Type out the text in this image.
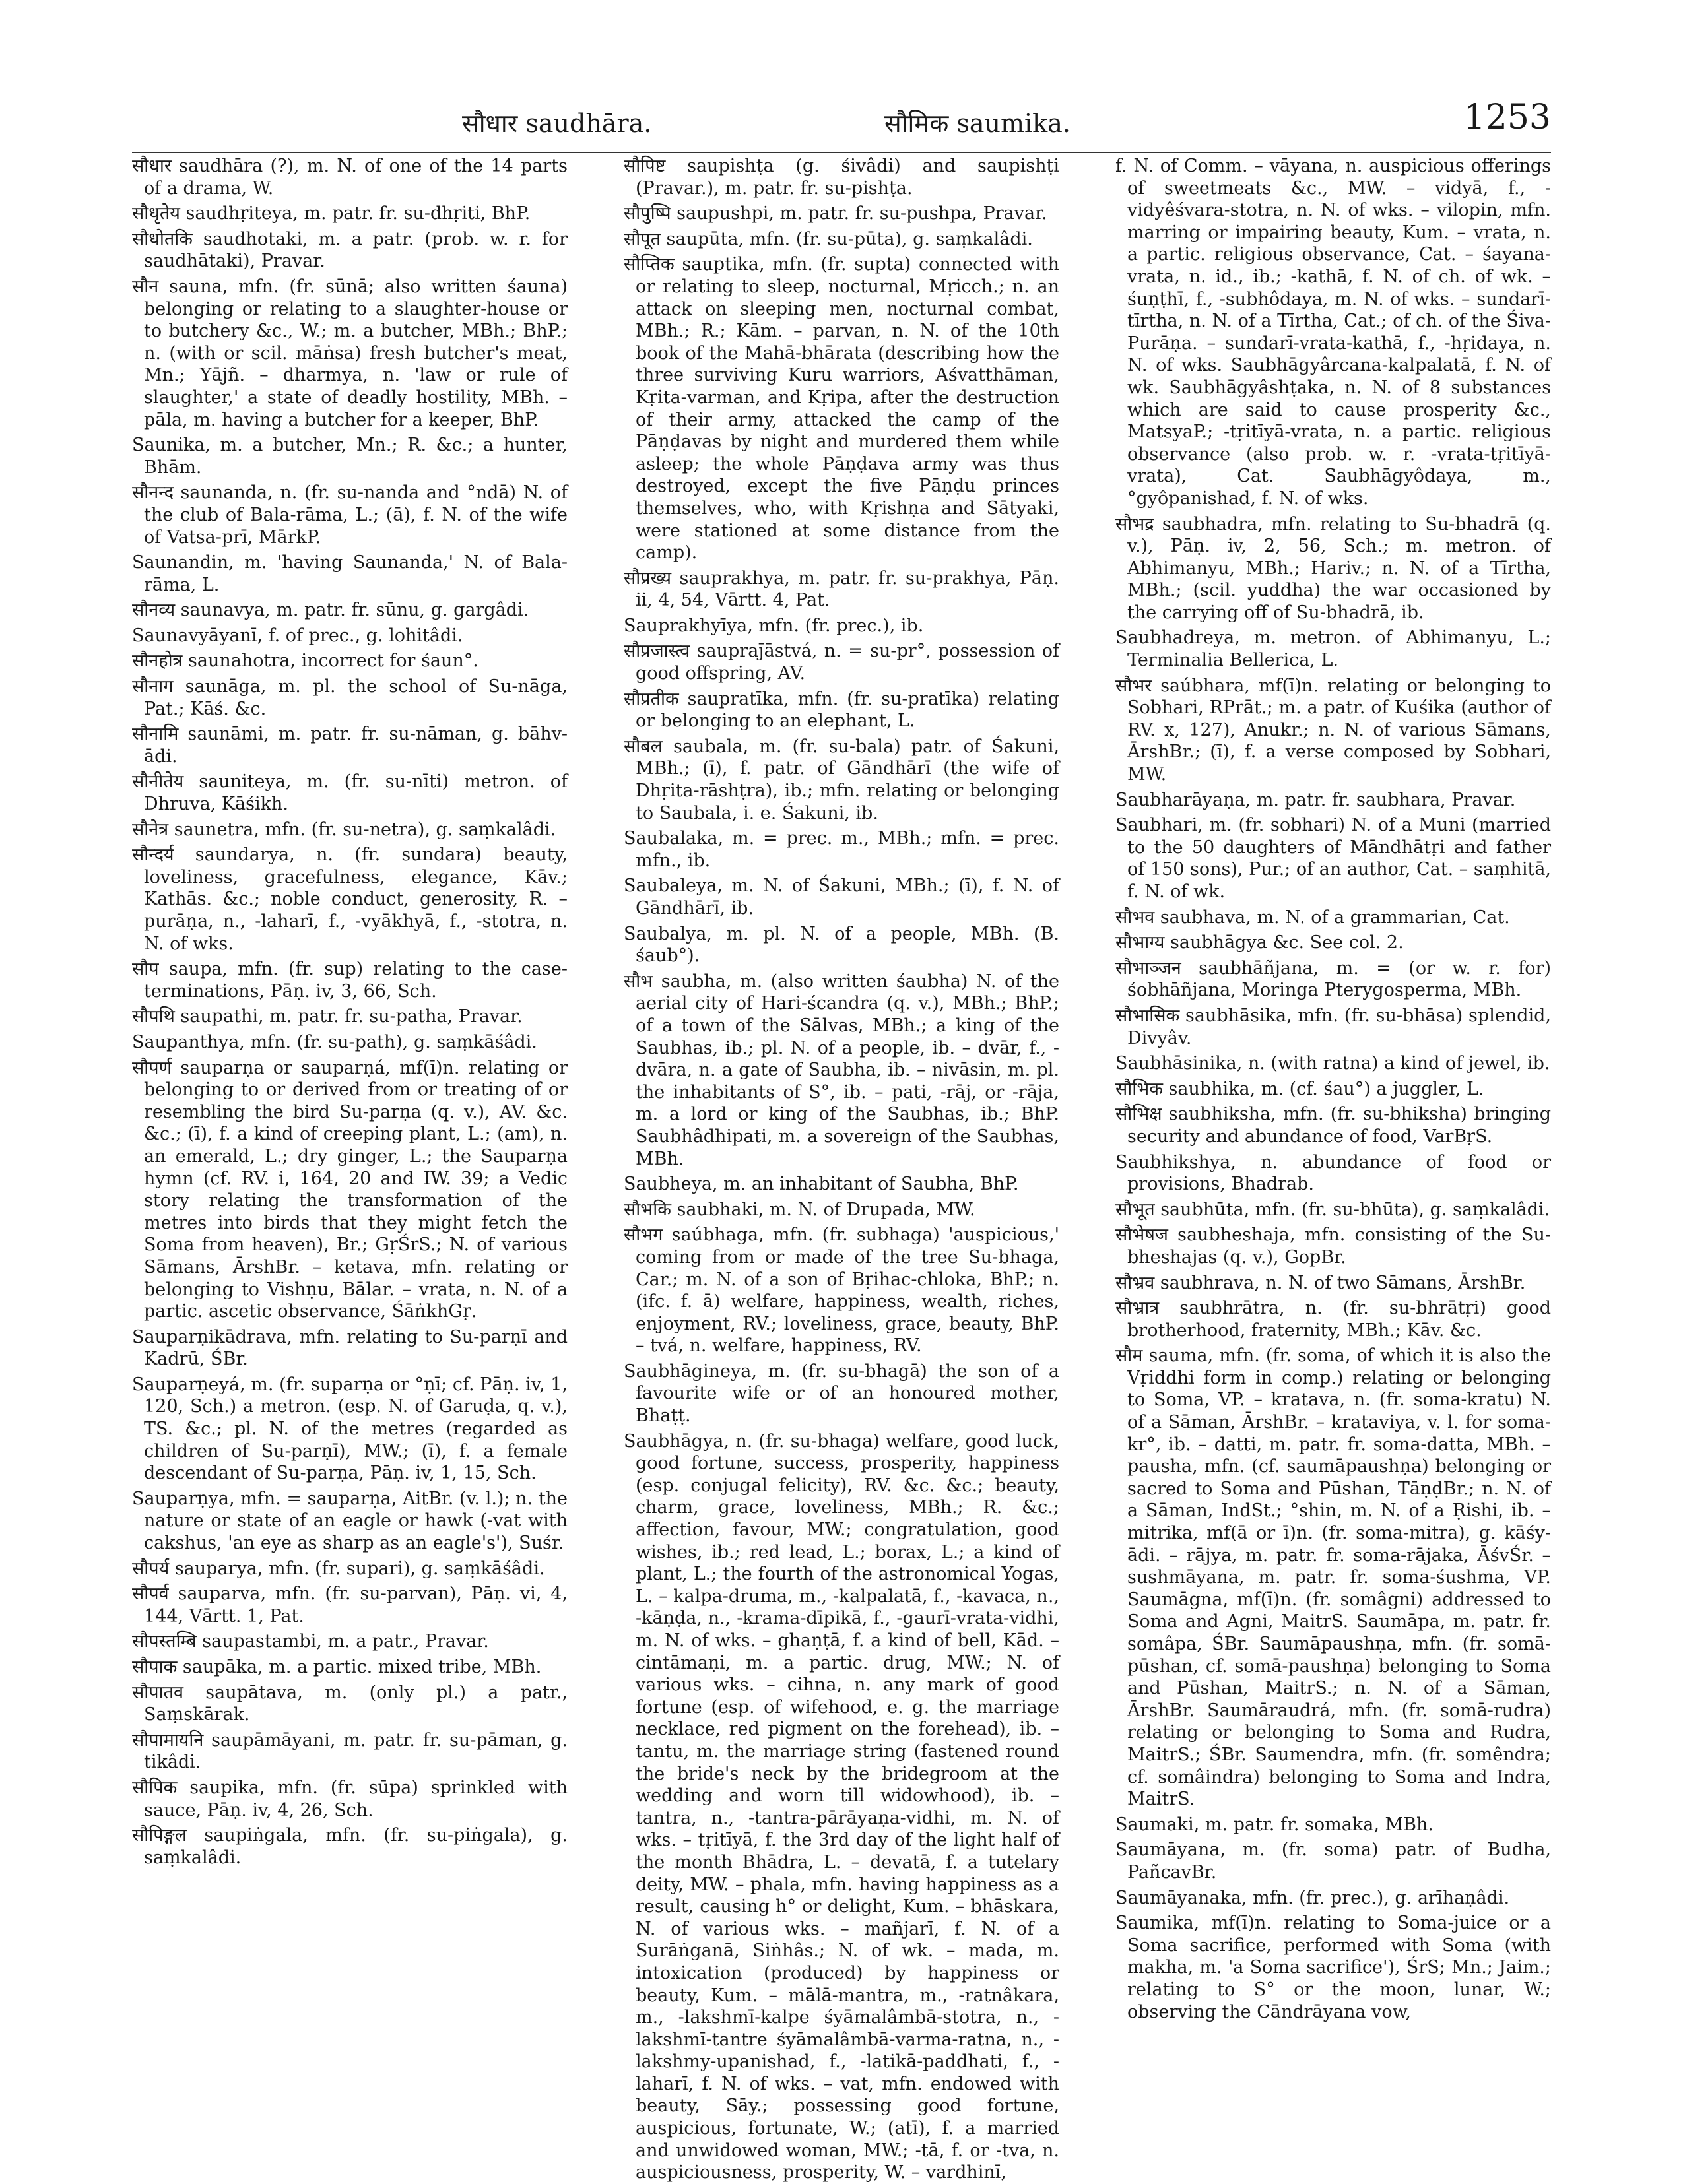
सौधार saudhāra.	सौमिक saumika.	1253

सौधार saudhāra (?), m. N. of one of the 14 parts of a drama, W.

सौधृतेय saudhṛiteya, m. patr. fr. su-dhṛiti, BhP.

सौधोतकि saudhotaki, m. a patr. (prob. w. r. for saudhātaki), Pravar.

सौन sauna, mfn. (fr. sūnā; also written śauna) belonging or relating to a slaughter-house or to butchery &c., W.; m. a butcher, MBh.; BhP.; n. (with or scil. māṅsa) fresh butcher's meat, Mn.; Yājñ. – dharmya, n. 'law or rule of slaughter,' a state of deadly hostility, MBh. – pāla, m. having a butcher for a keeper, BhP.

Saunika, m. a butcher, Mn.; R. &c.; a hunter, Bhām.

सौनन्द saunanda, n. (fr. su-nanda and °ndā) N. of the club of Bala-rāma, L.; (ā), f. N. of the wife of Vatsa-prī, MārkP.

Saunandin, m. 'having Saunanda,' N. of Bala-rāma, L.

सौनव्य saunavya, m. patr. fr. sūnu, g. gargâdi.

Saunavyāyanī, f. of prec., g. lohitâdi.

सौनहोत्र saunahotra, incorrect for śaun°.

सौनाग saunāga, m. pl. the school of Su-nāga, Pat.; Kāś. &c.

सौनामि saunāmi, m. patr. fr. su-nāman, g. bāhv-ādi.

सौनीतेय sauniteya, m. (fr. su-nīti) metron. of Dhruva, Kāśikh.

सौनेत्र saunetra, mfn. (fr. su-netra), g. saṃkalâdi.

सौन्दर्य saundarya, n. (fr. sundara) beauty, loveliness, gracefulness, elegance, Kāv.; Kathās. &c.; noble conduct, generosity, R. – purāṇa, n., -laharī, f., -vyākhyā, f., -stotra, n. N. of wks.

सौप saupa, mfn. (fr. sup) relating to the case-terminations, Pāṇ. iv, 3, 66, Sch.

सौपथि saupathi, m. patr. fr. su-patha, Pravar.

Saupanthya, mfn. (fr. su-path), g. saṃkāśâdi.

सौपर्ण sauparṇa or sauparṇá, mf(ī)n. relating or belonging to or derived from or treating of or resembling the bird Su-parṇa (q. v.), AV. &c. &c.; (ī), f. a kind of creeping plant, L.; (am), n. an emerald, L.; dry ginger, L.; the Sauparṇa hymn (cf. RV. i, 164, 20 and IW. 39; a Vedic story relating the transformation of the metres into birds that they might fetch the Soma from heaven), Br.; GṛŚrS.; N. of various Sāmans, ĀrshBr. – ketava, mfn. relating or belonging to Vishṇu, Bālar. – vrata, n. N. of a partic. ascetic observance, ŚāṅkhGṛ.

Sauparṇikādrava, mfn. relating to Su-parṇī and Kadrū, ŚBr.

Sauparṇeyá, m. (fr. suparṇa or °ṇī; cf. Pāṇ. iv, 1, 120, Sch.) a metron. (esp. N. of Garuḍa, q. v.), TS. &c.; pl. N. of the metres (regarded as children of Su-parṇī), MW.; (ī), f. a female descendant of Su-parṇa, Pāṇ. iv, 1, 15, Sch.

Sauparṇya, mfn. = sauparṇa, AitBr. (v. l.); n. the nature or state of an eagle or hawk (-vat with cakshus, 'an eye as sharp as an eagle's'), Suśr.

सौपर्य sauparya, mfn. (fr. supari), g. saṃkāśâdi.

सौपर्व sauparva, mfn. (fr. su-parvan), Pāṇ. vi, 4, 144, Vārtt. 1, Pat.

सौपस्तम्बि saupastambi, m. a patr., Pravar.

सौपाक saupāka, m. a partic. mixed tribe, MBh.

सौपातव saupātava, m. (only pl.) a patr., Saṃskārak.

सौपामायनि saupāmāyani, m. patr. fr. su-pāman, g. tikâdi.

सौपिक saupika, mfn. (fr. sūpa) sprinkled with sauce, Pāṇ. iv, 4, 26, Sch.

सौपिङ्गल saupiṅgala, mfn. (fr. su-piṅgala), g. saṃkalâdi.

सौपिष्ट saupishṭa (g. śivâdi) and saupishṭi (Pravar.), m. patr. fr. su-pishṭa.

सौपुष्पि saupushpi, m. patr. fr. su-pushpa, Pravar.

सौपूत saupūta, mfn. (fr. su-pūta), g. saṃkalâdi.

सौप्तिक sauptika, mfn. (fr. supta) connected with or relating to sleep, nocturnal, Mṛicch.; n. an attack on sleeping men, nocturnal combat, MBh.; R.; Kām. – parvan, n. N. of the 10th book of the Mahā-bhārata (describing how the three surviving Kuru warriors, Aśvatthāman, Kṛita-varman, and Kṛipa, after the destruction of their army, attacked the camp of the Pāṇḍavas by night and murdered them while asleep; the whole Pāṇḍava army was thus destroyed, except the five Pāṇḍu princes themselves, who, with Kṛishṇa and Sātyaki, were stationed at some distance from the camp).

सौप्रख्य sauprakhya, m. patr. fr. su-prakhya, Pāṇ. ii, 4, 54, Vārtt. 4, Pat.

Sauprakhyīya, mfn. (fr. prec.), ib.

सौप्रजास्त्व saupraj̄āstvá, n. = su-pr°, possession of good offspring, AV.

सौप्रतीक saupratīka, mfn. (fr. su-pratīka) relating or belonging to an elephant, L.

सौबल saubala, m. (fr. su-bala) patr. of Śakuni, MBh.; (ī), f. patr. of Gāndhārī (the wife of Dhṛita-rāshṭra), ib.; mfn. relating or belonging to Saubala, i. e. Śakuni, ib.

Saubalaka, m. = prec. m., MBh.; mfn. = prec. mfn., ib.

Saubaleya, m. N. of Śakuni, MBh.; (ī), f. N. of Gāndhārī, ib.

Saubalya, m. pl. N. of a people, MBh. (B. śaub°).

सौभ saubha, m. (also written śaubha) N. of the aerial city of Hari-ścandra (q. v.), MBh.; BhP.; of a town of the Sālvas, MBh.; a king of the Saubhas, ib.; pl. N. of a people, ib. – dvār, f., -dvāra, n. a gate of Saubha, ib. – nivāsin, m. pl. the inhabitants of S°, ib. – pati, -rāj, or -rāja, m. a lord or king of the Saubhas, ib.; BhP. Saubhâdhipati, m. a sovereign of the Saubhas, MBh.

Saubheya, m. an inhabitant of Saubha, BhP.

सौभकि saubhaki, m. N. of Drupada, MW.

सौभग saúbhaga, mfn. (fr. subhaga) 'auspicious,' coming from or made of the tree Su-bhaga, Car.; m. N. of a son of Bṛihac-chloka, BhP.; n. (ifc. f. ā) welfare, happiness, wealth, riches, enjoyment, RV.; loveliness, grace, beauty, BhP. – tvá, n. welfare, happiness, RV.

Saubhāgineya, m. (fr. su-bhagā) the son of a favourite wife or of an honoured mother, Bhaṭṭ.

Saubhāgya, n. (fr. su-bhaga) welfare, good luck, good fortune, success, prosperity, happiness (esp. conjugal felicity), RV. &c. &c.; beauty, charm, grace, loveliness, MBh.; R. &c.; affection, favour, MW.; congratulation, good wishes, ib.; red lead, L.; borax, L.; a kind of plant, L.; the fourth of the astronomical Yogas, L. – kalpa-druma, m., -kalpalatā, f., -kavaca, n., -kāṇḍa, n., -krama-dīpikā, f., -gaurī-vrata-vidhi, m. N. of wks. – ghaṇṭā, f. a kind of bell, Kād. – cintāmaṇi, m. a partic. drug, MW.; N. of various wks. – cihna, n. any mark of good fortune (esp. of wifehood, e. g. the marriage necklace, red pigment on the forehead), ib. – tantu, m. the marriage string (fastened round the bride's neck by the bridegroom at the wedding and worn till widowhood), ib. – tantra, n., -tantra-pārāyaṇa-vidhi, m. N. of wks. – tṛitīyā, f. the 3rd day of the light half of the month Bhādra, L. – devatā, f. a tutelary deity, MW. – phala, mfn. having happiness as a result, causing h° or delight, Kum. – bhāskara, N. of various wks. – mañjarī, f. N. of a Surāṅganā, Siṅhâs.; N. of wk. – mada, m. intoxication (produced) by happiness or beauty, Kum. – mālā-mantra, m., -ratnâkara, m., -lakshmī-kalpe śyāmalâmbā-stotra, n., -lakshmī-tantre śyāmalâmbā-varma-ratna, n., -lakshmy-upanishad, f., -latikā-paddhati, f., -laharī, f. N. of wks. – vat, mfn. endowed with beauty, Sāy.; possessing good fortune, auspicious, fortunate, W.; (atī), f. a married and unwidowed woman, MW.; -tā, f. or -tva, n. auspiciousness, prosperity, W. – vardhinī,

f. N. of Comm. – vāyana, n. auspicious offerings of sweetmeats &c., MW. – vidyā, f., -vidyêśvara-stotra, n. N. of wks. – vilopin, mfn. marring or impairing beauty, Kum. – vrata, n. a partic. religious observance, Cat. – śayana-vrata, n. id., ib.; -kathā, f. N. of ch. of wk. – śuṇṭhī, f., -subhôdaya, m. N. of wks. – sundarī-tīrtha, n. N. of a Tīrtha, Cat.; of ch. of the Śiva-Purāṇa. – sundarī-vrata-kathā, f., -hṛidaya, n. N. of wks. Saubhāgyârcana-kalpalatā, f. N. of wk. Saubhāgyâshṭaka, n. N. of 8 substances which are said to cause prosperity &c., MatsyaP.; -tṛitīyā-vrata, n. a partic. religious observance (also prob. w. r. -vrata-tṛitīyā-vrata), Cat. Saubhāgyôdaya, m., °gyôpanishad, f. N. of wks.

सौभद्र saubhadra, mfn. relating to Su-bhadrā (q. v.), Pāṇ. iv, 2, 56, Sch.; m. metron. of Abhimanyu, MBh.; Hariv.; n. N. of a Tīrtha, MBh.; (scil. yuddha) the war occasioned by the carrying off of Su-bhadrā, ib.

Saubhadreya, m. metron. of Abhimanyu, L.; Terminalia Bellerica, L.

सौभर saúbhara, mf(ī)n. relating or belonging to Sobhari, RPrāt.; m. a patr. of Kuśika (author of RV. x, 127), Anukr.; n. N. of various Sāmans, ĀrshBr.; (ī), f. a verse composed by Sobhari, MW.

Saubharāyaṇa, m. patr. fr. saubhara, Pravar.

Saubhari, m. (fr. sobhari) N. of a Muni (married to the 50 daughters of Māndhātṛi and father of 150 sons), Pur.; of an author, Cat. – saṃhitā, f. N. of wk.

सौभव saubhava, m. N. of a grammarian, Cat.

सौभाग्य saubhāgya &c. See col. 2.

सौभाञ्जन saubhāñjana, m. = (or w. r. for) śobhāñjana, Moringa Pterygosperma, MBh.

सौभासिक saubhāsika, mfn. (fr. su-bhāsa) splendid, Divyâv.

Saubhāsinika, n. (with ratna) a kind of jewel, ib.

सौभिक saubhika, m. (cf. śau°) a juggler, L.

सौभिक्ष saubhiksha, mfn. (fr. su-bhiksha) bringing security and abundance of food, VarBṛS.

Saubhikshya, n. abundance of food or provisions, Bhadrab.

सौभूत saubhūta, mfn. (fr. su-bhūta), g. saṃkalâdi.

सौभेषज saubheshaja, mfn. consisting of the Su-bheshajas (q. v.), GopBr.

सौभ्रव saubhrava, n. N. of two Sāmans, ĀrshBr.

सौभ्रात्र saubhrātra, n. (fr. su-bhrātṛi) good brotherhood, fraternity, MBh.; Kāv. &c.

सौम sauma, mfn. (fr. soma, of which it is also the Vṛiddhi form in comp.) relating or belonging to Soma, VP. – kratava, n. (fr. soma-kratu) N. of a Sāman, ĀrshBr. – krataviya, v. l. for soma-kr°, ib. – datti, m. patr. fr. soma-datta, MBh. – pausha, mfn. (cf. saumāpaushṇa) belonging or sacred to Soma and Pūshan, TāṇḍBr.; n. N. of a Sāman, IndSt.; °shin, m. N. of a Ṛishi, ib. – mitrika, mf(ā or ī)n. (fr. soma-mitra), g. kāśy-ādi. – rājya, m. patr. fr. soma-rājaka, ĀśvŚr. – sushmāyana, m. patr. fr. soma-śushma, VP. Saumāgna, mf(ī)n. (fr. somâgni) addressed to Soma and Agni, MaitrS. Saumāpa, m. patr. fr. somâpa, ŚBr. Saumāpaushṇa, mfn. (fr. somā-pūshan, cf. somā-paushṇa) belonging to Soma and Pūshan, MaitrS.; n. N. of a Sāman, ĀrshBr. Saumāraudrá, mfn. (fr. somā-rudra) relating or belonging to Soma and Rudra, MaitrS.; ŚBr. Saumendra, mfn. (fr. somêndra; cf. somâindra) belonging to Soma and Indra, MaitrS.

Saumaki, m. patr. fr. somaka, MBh.

Saumāyana, m. (fr. soma) patr. of Budha, PañcavBr.

Saumāyanaka, mfn. (fr. prec.), g. arīhaṇâdi.

Saumika, mf(ī)n. relating to Soma-juice or a Soma sacrifice, performed with Soma (with makha, m. 'a Soma sacrifice'), ŚrS; Mn.; Jaim.; relating to S° or the moon, lunar, W.; observing the Cāndrāyana vow,
